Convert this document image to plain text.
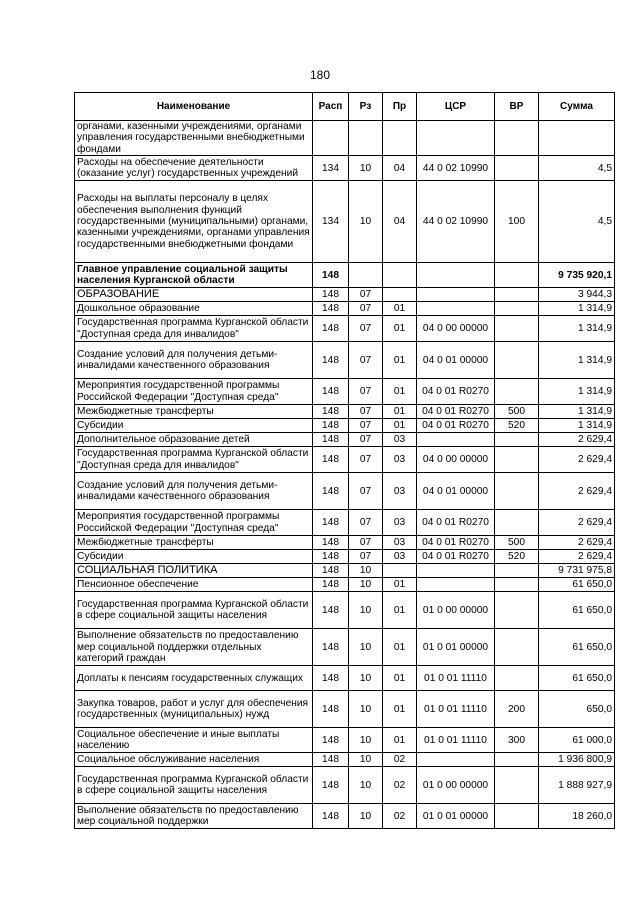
180
Наименование	Расп	Рз	Пр	ЦСР	ВР	Сумма
органами, казенными учреждениями, органами управления государственными внебюджетными фондами						
Расходы на обеспечение деятельности (оказание услуг) государственных учреждений	134	10	04	44 0 02 10990		4,5
Расходы на выплаты персоналу в целях обеспечения выполнения функций государственными (муниципальными) органами, казенными учреждениями, органами управления государственными внебюджетными фондами	134	10	04	44 0 02 10990	100	4,5
Главное управление социальной защиты населения Курганской области	148					9 735 920,1
ОБРАЗОВАНИЕ	148	07				3 944,3
Дошкольное образование	148	07	01			1 314,9
Государственная программа Курганской области "Доступная среда для инвалидов"	148	07	01	04 0 00 00000		1 314,9
Создание условий для получения детьми-инвалидами качественного образования	148	07	01	04 0 01 00000		1 314,9
Мероприятия государственной программы Российской Федерации "Доступная среда"	148	07	01	04 0 01 R0270		1 314,9
Межбюджетные трансферты	148	07	01	04 0 01 R0270	500	1 314,9
Субсидии	148	07	01	04 0 01 R0270	520	1 314,9
Дополнительное образование детей	148	07	03			2 629,4
Государственная программа Курганской области "Доступная среда для инвалидов"	148	07	03	04 0 00 00000		2 629,4
Создание условий для получения детьми-инвалидами качественного образования	148	07	03	04 0 01 00000		2 629,4
Мероприятия государственной программы Российской Федерации "Доступная среда"	148	07	03	04 0 01 R0270		2 629,4
Межбюджетные трансферты	148	07	03	04 0 01 R0270	500	2 629,4
Субсидии	148	07	03	04 0 01 R0270	520	2 629,4
СОЦИАЛЬНАЯ ПОЛИТИКА	148	10				9 731 975,8
Пенсионное обеспечение	148	10	01			61 650,0
Государственная программа Курганской области в сфере социальной защиты населения	148	10	01	01 0 00 00000		61 650,0
Выполнение обязательств по предоставлению мер социальной поддержки отдельных категорий граждан	148	10	01	01 0 01 00000		61 650,0
Доплаты к пенсиям государственных служащих	148	10	01	01 0 01 11110		61 650,0
Закупка товаров, работ и услуг для обеспечения государственных (муниципальных) нужд	148	10	01	01 0 01 11110	200	650,0
Социальное обеспечение и иные выплаты населению	148	10	01	01 0 01 11110	300	61 000,0
Социальное обслуживание населения	148	10	02			1 936 800,9
Государственная программа Курганской области в сфере социальной защиты населения	148	10	02	01 0 00 00000		1 888 927,9
Выполнение обязательств по предоставлению мер социальной поддержки	148	10	02	01 0 01 00000		18 260,0
